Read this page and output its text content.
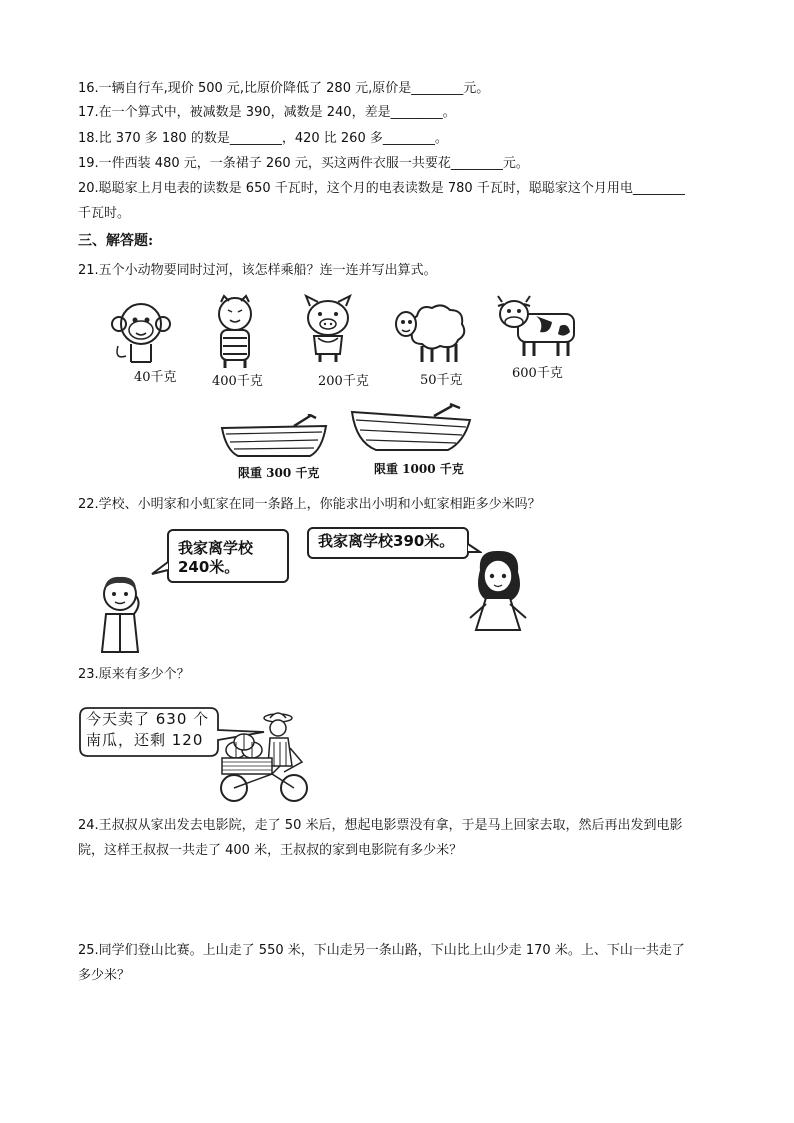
16.一辆自行车,现价 500 元,比原价降低了 280 元,原价是________元。
17.在一个算式中，被减数是 390，减数是 240，差是________。
18.比 370 多 180 的数是________，420 比 260 多________。
19.一件西装 480 元，一条裙子 260 元，买这两件衣服一共要花________元。
20.聪聪家上月电表的读数是 650 千瓦时，这个月的电表读数是 780 千瓦时，聪聪家这个月用电________
千瓦时。
三、解答题:
21.五个小动物要同时过河，该怎样乘船？连一连并写出算式。
40千克	400千克	200千克	50千克	600千克
限重 300 千克	限重 1000 千克
22.学校、小明家和小虹家在同一条路上，你能求出小明和小虹家相距多少米吗？
我家离学校
240米。
我家离学校390米。
23.原来有多少个？
今天卖了 630 个
南瓜，还剩 120
24.王叔叔从家出发去电影院，走了 50 米后，想起电影票没有拿，于是马上回家去取，然后再出发到电影
院，这样王叔叔一共走了 400 米，王叔叔的家到电影院有多少米？
25.同学们登山比赛。上山走了 550 米，下山走另一条山路，下山比上山少走 170 米。上、下山一共走了
多少米？
